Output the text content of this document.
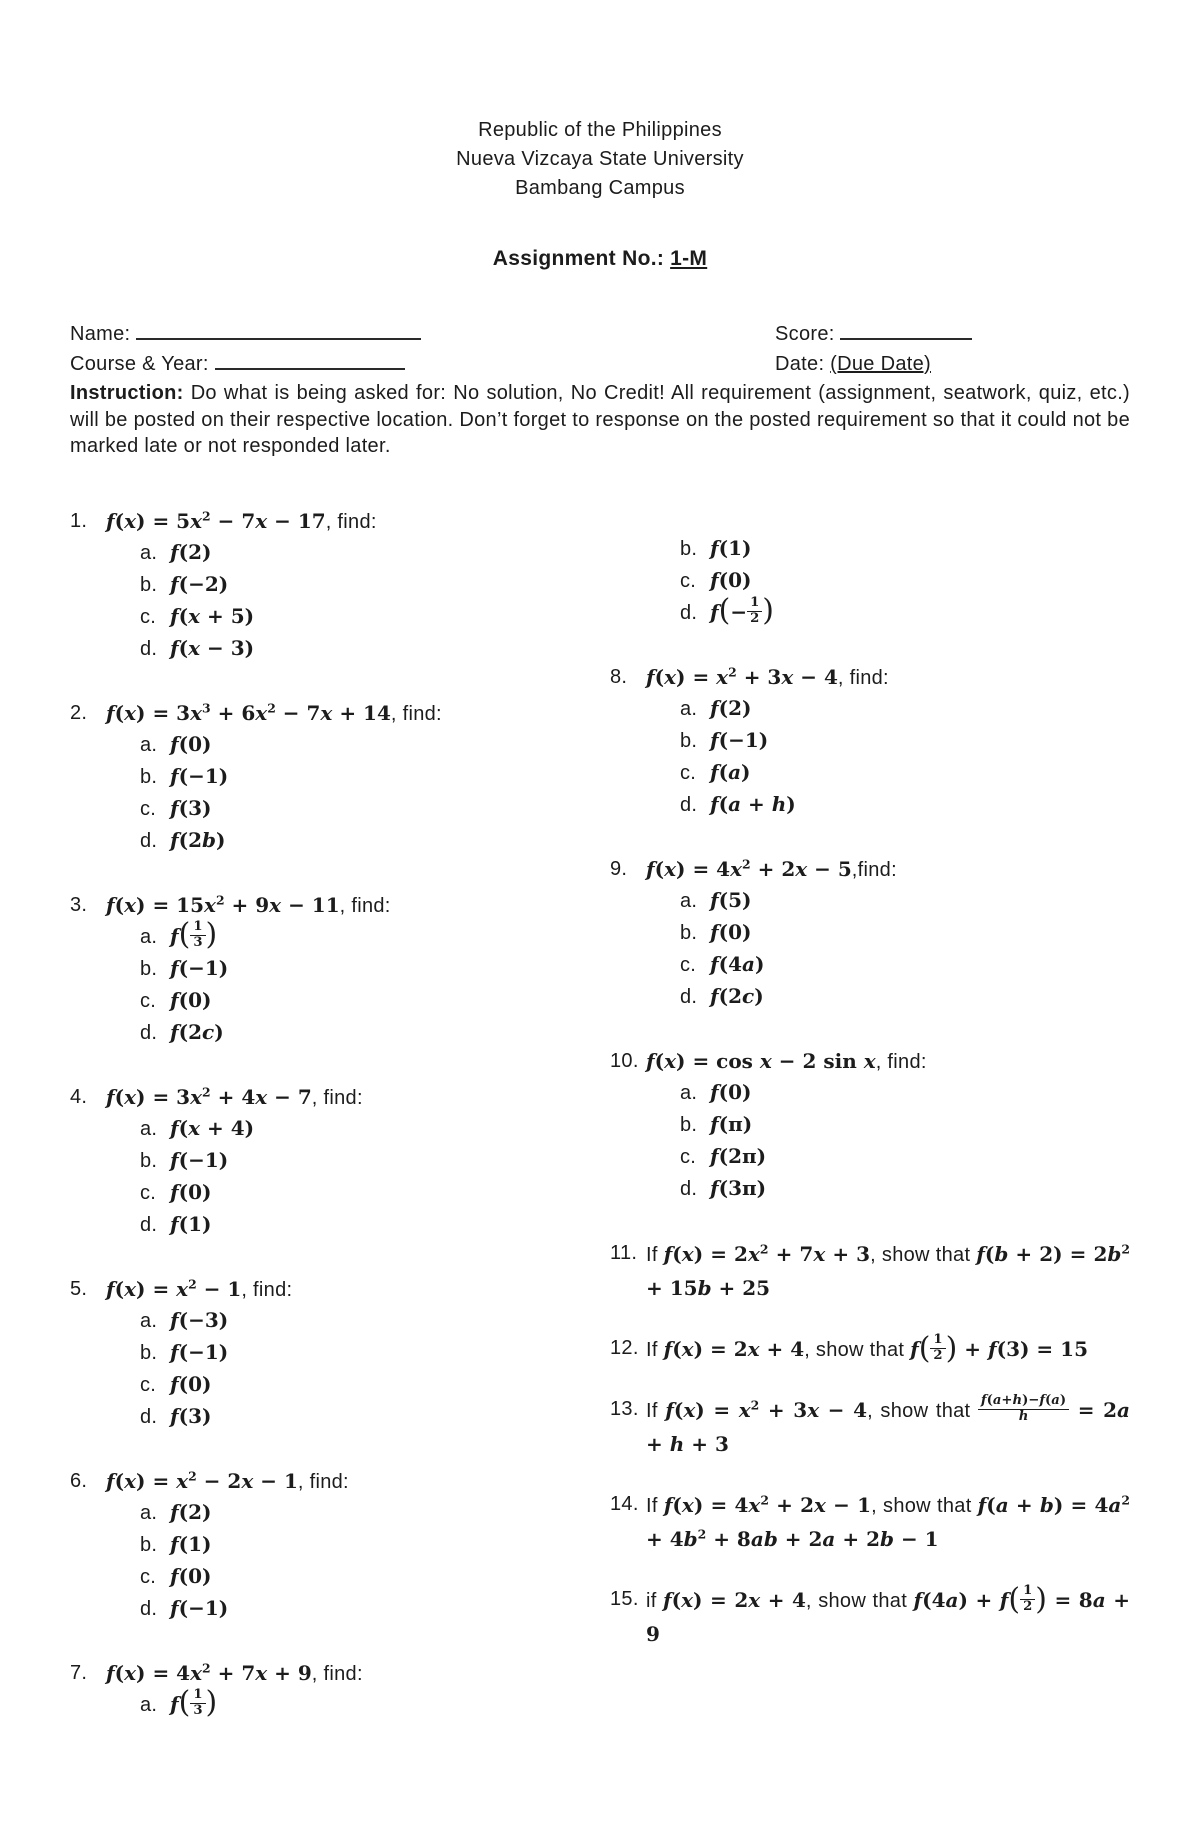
Republic of the Philippines
Nueva Vizcaya State University
Bambang Campus
Assignment No.: 1-M
Name:	Score:
Course & Year:	Date: (Due Date)
Instruction: Do what is being asked for: No solution, No Credit! All requirement (assignment, seatwork, quiz, etc.) will be posted on their respective location. Don’t forget to response on the posted requirement so that it could not be marked late or not responded later.
1. $f(x) = 5x^2 - 7x - 17$, find:
a. f(2)
b. f(−2)
c. f(x + 5)
d. f(x − 3)
2. $f(x) = 3x^3 + 6x^2 - 7x + 14$, find:
a. f(0)
b. f(−1)
c. f(3)
d. f(2b)
3. $f(x) = 15x^2 + 9x - 11$, find:
a. $f( \frac{1}{3}$ )
b. f(−1)
c. f(0)
d. f(2c)
4. $f(x) = 3x^2 + 4x - 7$, find:
a. f(x + 4)
b. f(−1)
c. f(0)
d. f(1)
5. $f(x) = x^2 - 1$, find:
a. f(−3)
b. f(−1)
c. f(0)
d. f(3)
6. $f(x) = x^2 - 2x - 1$, find:
a. f(2)
b. f(1)
c. f(0)
d. f(−1)
7. $f(x) = 4x^2 + 7x + 9$, find:
a. $f( \frac{1}{3}$ )
b. f(1)
c. f(0)
d. $f(- \frac{1}{2}$ )
8. $f(x) = x^2 + 3x - 4$, find:
a. f(2)
b. f(−1)
c. f(a)
d. f(a + h)
9. $f(x) = 4x^2 + 2x$ − 5,find:
a. f(5)
b. f(0)
c. f(4a)
d. f(2c)
10. f(x) = cos x − 2 sin x, find:
a. f(0)
b. f(π)
c. f(2π)
d. f(3π)
11. If $f(x) = 2x^2 + 7x + 3$, show that $f(b + 2) = 2b^2 + 15b + 25$
12. If f(x) = 2x + 4, show that $f( \frac{1}{2}$ ) + f(3) = 15
13. If $f(x) = x^2 + 3x - 4$, show that $\frac{f(a+h)-f(a)}{h} = 2a + h + 3$
14. If $f(x) = 4x^2 + 2x - 1$, show that $f(a + b) = 4a^2 + 4b^2 + 8ab + 2a + 2b - 1$
15. if f(x) = 2x + 4, show that $f(4a) + f( \frac{1}{2}$ ) = 8a + 9
